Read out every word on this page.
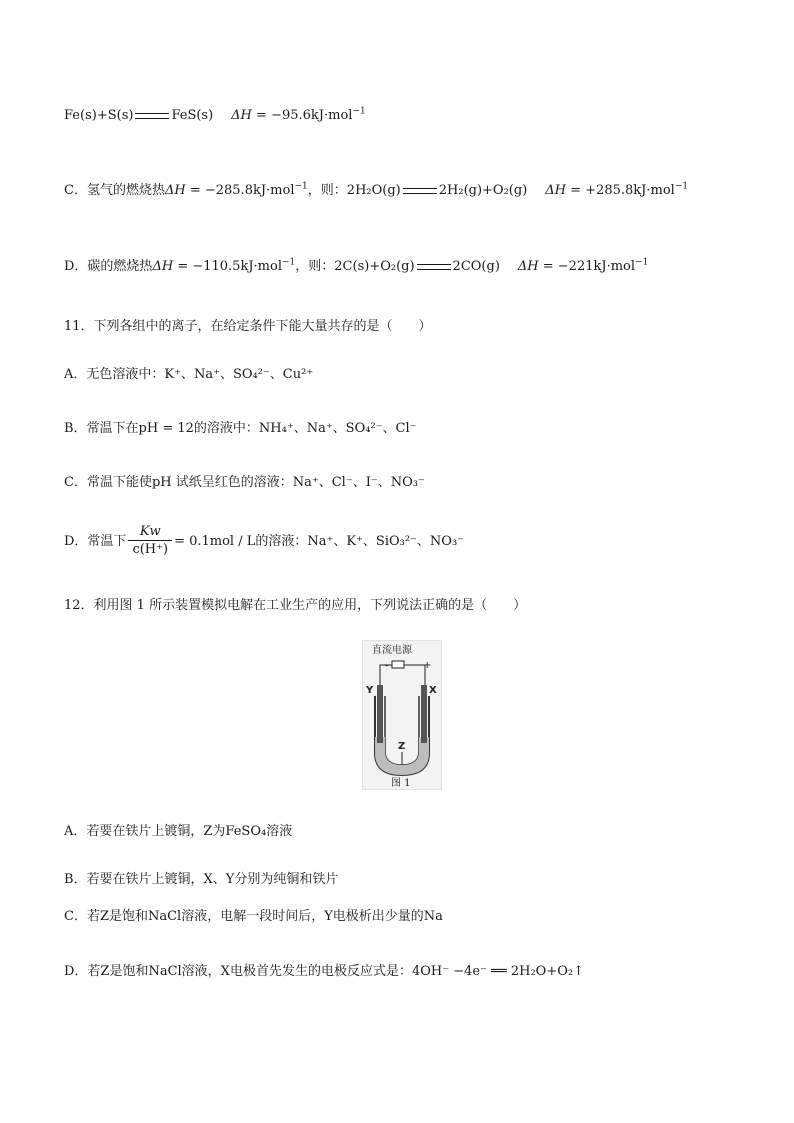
Fe(s)+S(s)	FeS(s) ΔH = −95.6kJ·mol$^{-1}$
C．氢气的燃烧热ΔH = −285.8kJ·mol$^{-1}$，则：2H₂O(g)	2H₂(g)+O₂(g) ΔH = +285.8kJ·mol$^{-1}$
D．碳的燃烧热ΔH = −110.5kJ·mol$^{-1}$，则：2C(s)+O₂(g)	2CO(g) ΔH = −221kJ·mol$^{-1}$
11．下列各组中的离子，在给定条件下能大量共存的是（　　）
A．无色溶液中：K⁺、Na⁺、SO₄²⁻、Cu²⁺
B．常温下在pH = 12的溶液中：NH₄⁺、Na⁺、SO₄²⁻、Cl⁻
C．常温下能使pH 试纸呈红色的溶液：Na⁺、Cl⁻、I⁻、NO₃⁻
D．常温下 $\frac{Kw}{c(H^+)} = 0.1mol / L$的溶液：Na⁺、K⁺、SiO₃²⁻、NO₃⁻
12．利用图 1 所示装置模拟电解在工业生产的应用，下列说法正确的是（　　）
直流电源
+
-
Y	X
Z
图 1
A．若要在铁片上镀铜，Z为FeSO₄溶液
B．若要在铁片上镀铜，X、Y分别为纯铜和铁片
C．若Z是饱和NaCl溶液，电解一段时间后，Y电极析出少量的Na
D．若Z是饱和NaCl溶液，X电极首先发生的电极反应式是：4OH⁻ −4e⁻ ══ 2H₂O+O₂↑
